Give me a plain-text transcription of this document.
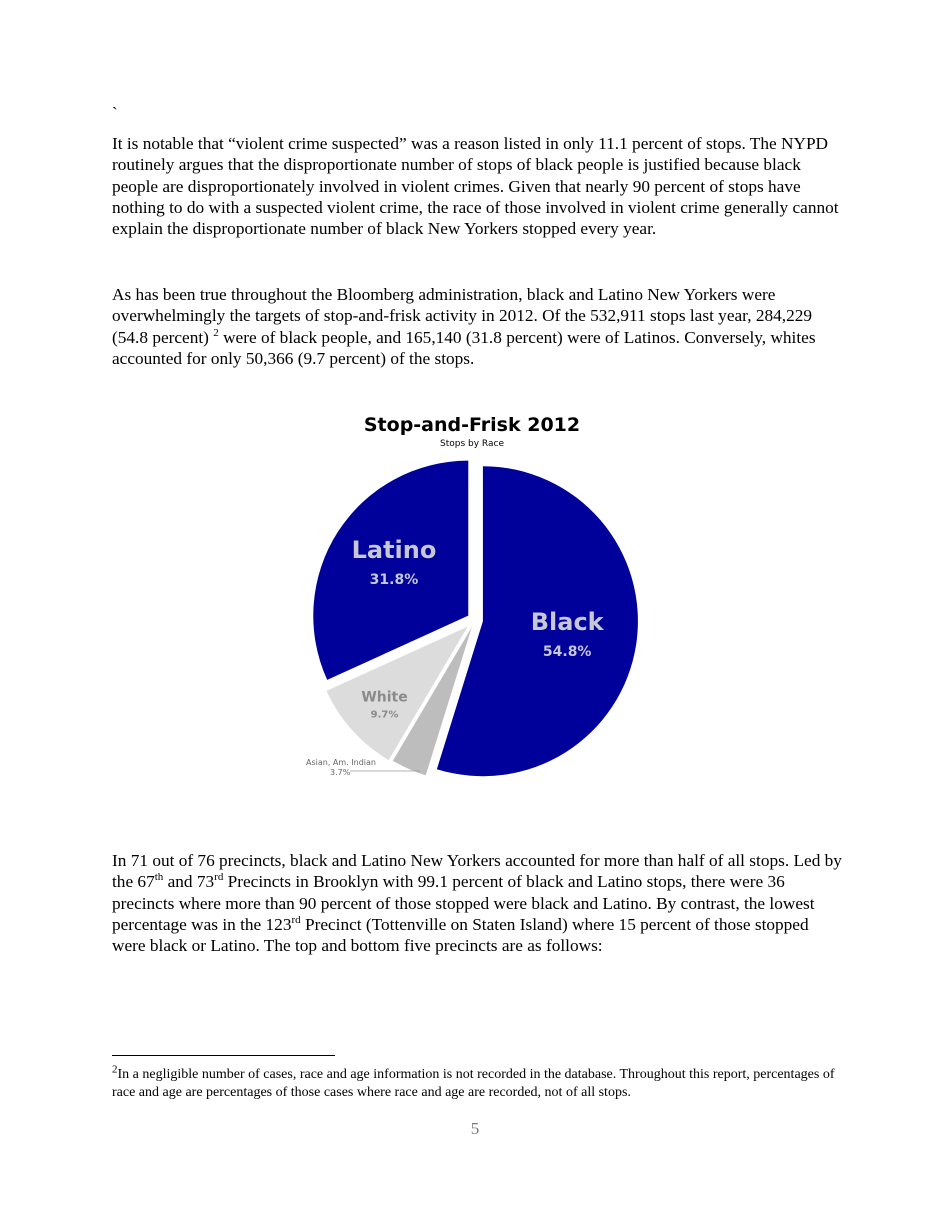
`

It is notable that “violent crime suspected” was a reason listed in only 11.1 percent of stops. The NYPD routinely argues that the disproportionate number of stops of black people is justified because black people are disproportionately involved in violent crimes. Given that nearly 90 percent of stops have nothing to do with a suspected violent crime, the race of those involved in violent crime generally cannot explain the disproportionate number of black New Yorkers stopped every year.

As has been true throughout the Bloomberg administration, black and Latino New Yorkers were overwhelmingly the targets of stop-and-frisk activity in 2012. Of the 532,911 stops last year, 284,229 (54.8 percent) $^2$ were of black people, and 165,140 (31.8 percent) were of Latinos. Conversely, whites accounted for only 50,366 (9.7 percent) of the stops.

Stop-and-Frisk 2012
Stops by Race
Black
54.8%
Asian, Am. Indian
3.7%
White
9.7%
Latino
31.8%

$^2$In a negligible number of cases, race and age information is not recorded in the database. Throughout this report, percentages of race and age are percentages of those cases where race and age are recorded, not of all stops.

In 71 out of 76 precincts, black and Latino New Yorkers accounted for more than half of all stops. Led by the 67th and 73rd Precincts in Brooklyn with 99.1 percent of black and Latino stops, there were 36 precincts where more than 90 percent of those stopped were black and Latino. By contrast, the lowest percentage was in the 123rd Precinct (Tottenville on Staten Island) where 15 percent of those stopped were black or Latino. The top and bottom five precincts are as follows:

5
